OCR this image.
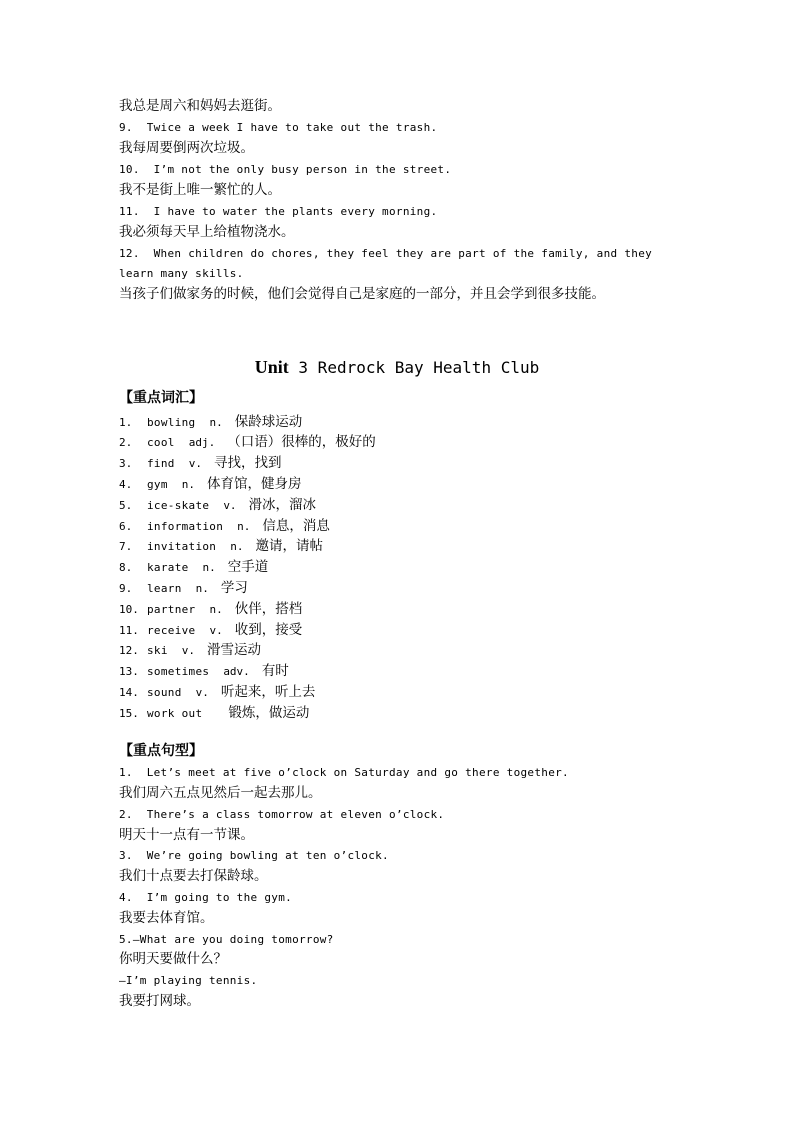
我总是周六和妈妈去逛街。
9.  Twice a week I have to take out the trash.
我每周要倒两次垃圾。
10.  I’m not the only busy person in the street.
我不是街上唯一繁忙的人。
11.  I have to water the plants every morning.
我必须每天早上给植物浇水。
12.  When children do chores, they feel they are part of the family, and they
learn many skills.
当孩子们做家务的时候，他们会觉得自己是家庭的一部分，并且会学到很多技能。
Unit 3 Redrock Bay Health Club
【重点词汇】
1. bowling n. 保龄球运动
2. cool adj. （口语）很棒的，极好的
3. find v. 寻找，找到
4. gym n. 体育馆，健身房
5. ice-skate v. 滑冰，溜冰
6. information n. 信息，消息
7. invitation n. 邀请，请帖
8. karate n. 空手道
9. learn n. 学习
10. partner n. 伙伴，搭档
11. receive v. 收到，接受
12. ski v. 滑雪运动
13. sometimes adv. 有时
14. sound v. 听起来，听上去
15. work out 锻炼，做运动
【重点句型】
1.  Let’s meet at five o’clock on Saturday and go there together.
我们周六五点见然后一起去那儿。
2.  There’s a class tomorrow at eleven o’clock.
明天十一点有一节课。
3.  We’re going bowling at ten o’clock.
我们十点要去打保龄球。
4.  I’m going to the gym.
我要去体育馆。
5.—What are you doing tomorrow?
你明天要做什么？
—I’m playing tennis.
我要打网球。
